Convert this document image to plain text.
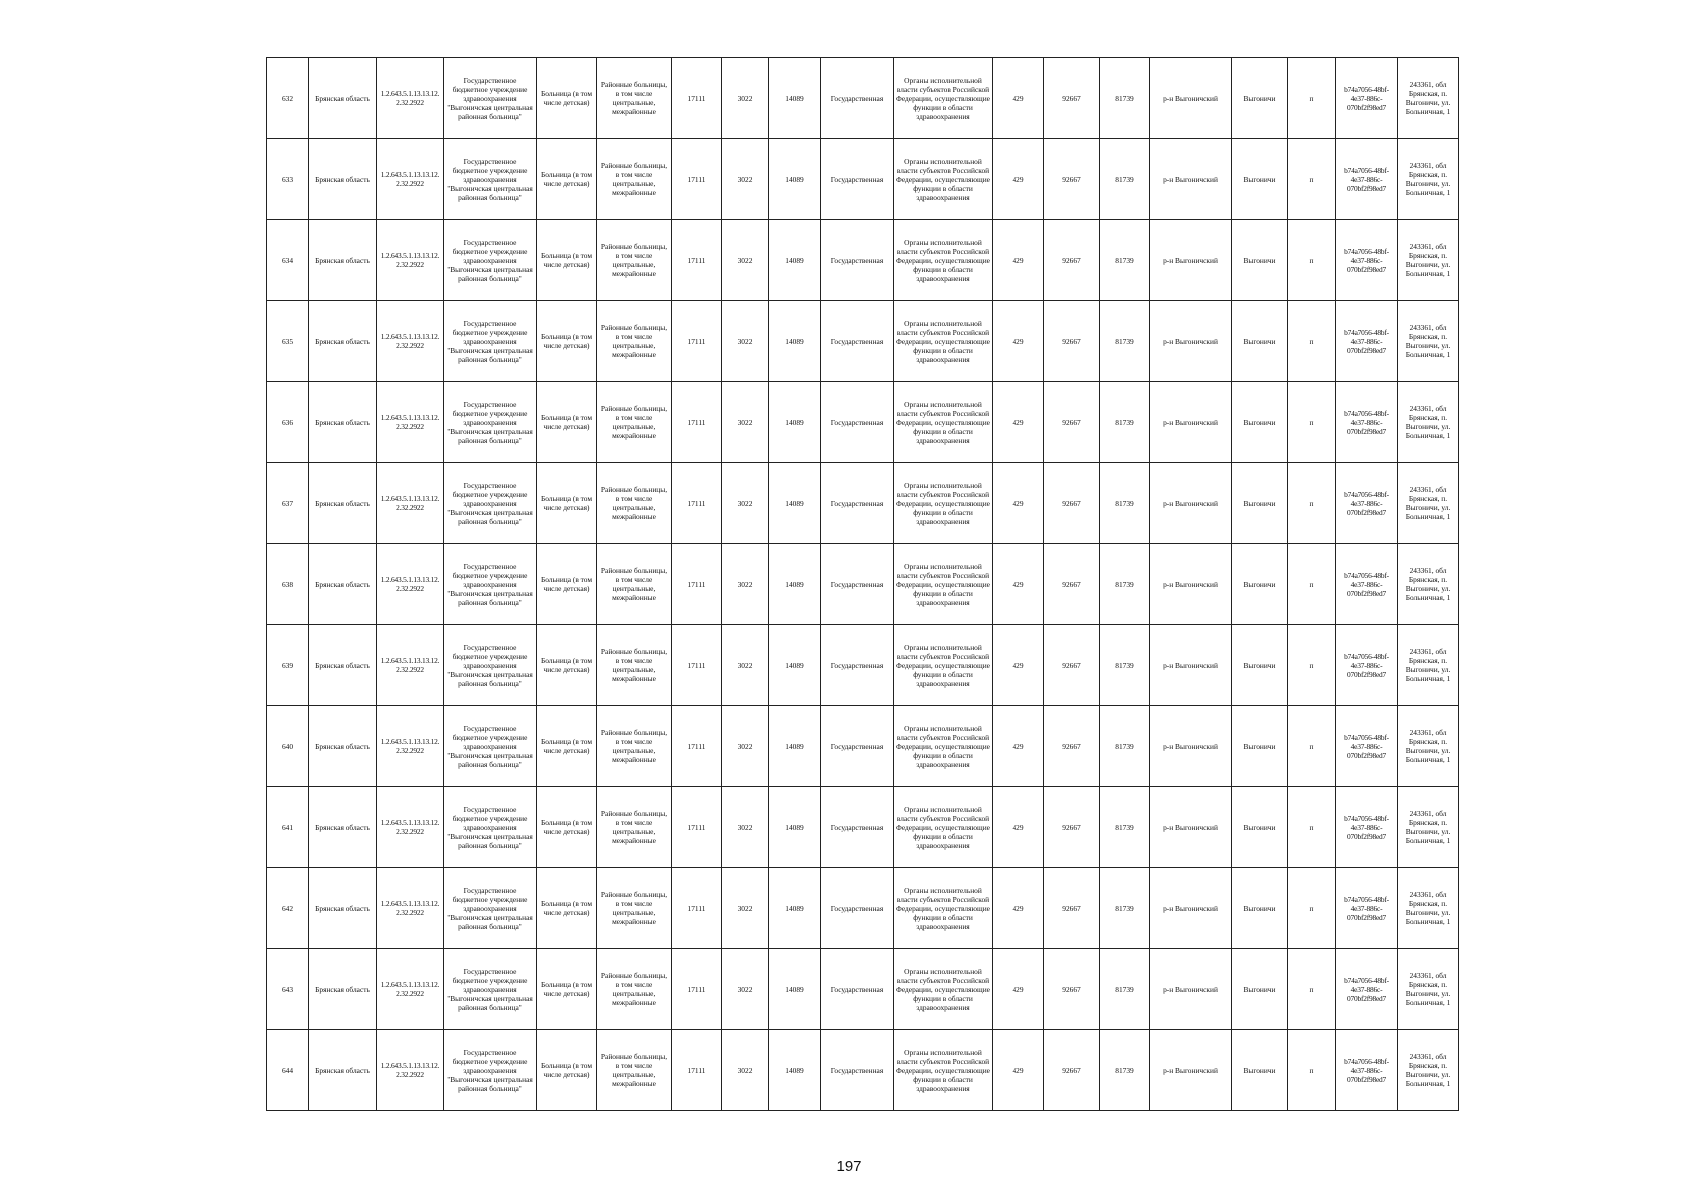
632	Брянская область	1.2.643.5.1.13.13.12.2.32.2922	Государственное бюджетное учреждение здравоохранения "Выгоничская центральная районная больница"	Больница (в том числе детская)	Районные больницы, в том числе центральные, межрайонные	17111	3022	14089	Государственная	Органы исполнительной власти субъектов Российской Федерации, осуществляющие функции в области здравоохранения	429	92667	81739	р-н Выгоничский	Выгоничи	п	b74a7056-48bf-4e37-886c-070bf2f98ed7	243361, обл Брянская, п. Выгоничи, ул. Больничная, 1
633	Брянская область	1.2.643.5.1.13.13.12.2.32.2922	Государственное бюджетное учреждение здравоохранения "Выгоничская центральная районная больница"	Больница (в том числе детская)	Районные больницы, в том числе центральные, межрайонные	17111	3022	14089	Государственная	Органы исполнительной власти субъектов Российской Федерации, осуществляющие функции в области здравоохранения	429	92667	81739	р-н Выгоничский	Выгоничи	п	b74a7056-48bf-4e37-886c-070bf2f98ed7	243361, обл Брянская, п. Выгоничи, ул. Больничная, 1
634	Брянская область	1.2.643.5.1.13.13.12.2.32.2922	Государственное бюджетное учреждение здравоохранения "Выгоничская центральная районная больница"	Больница (в том числе детская)	Районные больницы, в том числе центральные, межрайонные	17111	3022	14089	Государственная	Органы исполнительной власти субъектов Российской Федерации, осуществляющие функции в области здравоохранения	429	92667	81739	р-н Выгоничский	Выгоничи	п	b74a7056-48bf-4e37-886c-070bf2f98ed7	243361, обл Брянская, п. Выгоничи, ул. Больничная, 1
635	Брянская область	1.2.643.5.1.13.13.12.2.32.2922	Государственное бюджетное учреждение здравоохранения "Выгоничская центральная районная больница"	Больница (в том числе детская)	Районные больницы, в том числе центральные, межрайонные	17111	3022	14089	Государственная	Органы исполнительной власти субъектов Российской Федерации, осуществляющие функции в области здравоохранения	429	92667	81739	р-н Выгоничский	Выгоничи	п	b74a7056-48bf-4e37-886c-070bf2f98ed7	243361, обл Брянская, п. Выгоничи, ул. Больничная, 1
636	Брянская область	1.2.643.5.1.13.13.12.2.32.2922	Государственное бюджетное учреждение здравоохранения "Выгоничская центральная районная больница"	Больница (в том числе детская)	Районные больницы, в том числе центральные, межрайонные	17111	3022	14089	Государственная	Органы исполнительной власти субъектов Российской Федерации, осуществляющие функции в области здравоохранения	429	92667	81739	р-н Выгоничский	Выгоничи	п	b74a7056-48bf-4e37-886c-070bf2f98ed7	243361, обл Брянская, п. Выгоничи, ул. Больничная, 1
637	Брянская область	1.2.643.5.1.13.13.12.2.32.2922	Государственное бюджетное учреждение здравоохранения "Выгоничская центральная районная больница"	Больница (в том числе детская)	Районные больницы, в том числе центральные, межрайонные	17111	3022	14089	Государственная	Органы исполнительной власти субъектов Российской Федерации, осуществляющие функции в области здравоохранения	429	92667	81739	р-н Выгоничский	Выгоничи	п	b74a7056-48bf-4e37-886c-070bf2f98ed7	243361, обл Брянская, п. Выгоничи, ул. Больничная, 1
638	Брянская область	1.2.643.5.1.13.13.12.2.32.2922	Государственное бюджетное учреждение здравоохранения "Выгоничская центральная районная больница"	Больница (в том числе детская)	Районные больницы, в том числе центральные, межрайонные	17111	3022	14089	Государственная	Органы исполнительной власти субъектов Российской Федерации, осуществляющие функции в области здравоохранения	429	92667	81739	р-н Выгоничский	Выгоничи	п	b74a7056-48bf-4e37-886c-070bf2f98ed7	243361, обл Брянская, п. Выгоничи, ул. Больничная, 1
639	Брянская область	1.2.643.5.1.13.13.12.2.32.2922	Государственное бюджетное учреждение здравоохранения "Выгоничская центральная районная больница"	Больница (в том числе детская)	Районные больницы, в том числе центральные, межрайонные	17111	3022	14089	Государственная	Органы исполнительной власти субъектов Российской Федерации, осуществляющие функции в области здравоохранения	429	92667	81739	р-н Выгоничский	Выгоничи	п	b74a7056-48bf-4e37-886c-070bf2f98ed7	243361, обл Брянская, п. Выгоничи, ул. Больничная, 1
640	Брянская область	1.2.643.5.1.13.13.12.2.32.2922	Государственное бюджетное учреждение здравоохранения "Выгоничская центральная районная больница"	Больница (в том числе детская)	Районные больницы, в том числе центральные, межрайонные	17111	3022	14089	Государственная	Органы исполнительной власти субъектов Российской Федерации, осуществляющие функции в области здравоохранения	429	92667	81739	р-н Выгоничский	Выгоничи	п	b74a7056-48bf-4e37-886c-070bf2f98ed7	243361, обл Брянская, п. Выгоничи, ул. Больничная, 1
641	Брянская область	1.2.643.5.1.13.13.12.2.32.2922	Государственное бюджетное учреждение здравоохранения "Выгоничская центральная районная больница"	Больница (в том числе детская)	Районные больницы, в том числе центральные, межрайонные	17111	3022	14089	Государственная	Органы исполнительной власти субъектов Российской Федерации, осуществляющие функции в области здравоохранения	429	92667	81739	р-н Выгоничский	Выгоничи	п	b74a7056-48bf-4e37-886c-070bf2f98ed7	243361, обл Брянская, п. Выгоничи, ул. Больничная, 1
642	Брянская область	1.2.643.5.1.13.13.12.2.32.2922	Государственное бюджетное учреждение здравоохранения "Выгоничская центральная районная больница"	Больница (в том числе детская)	Районные больницы, в том числе центральные, межрайонные	17111	3022	14089	Государственная	Органы исполнительной власти субъектов Российской Федерации, осуществляющие функции в области здравоохранения	429	92667	81739	р-н Выгоничский	Выгоничи	п	b74a7056-48bf-4e37-886c-070bf2f98ed7	243361, обл Брянская, п. Выгоничи, ул. Больничная, 1
643	Брянская область	1.2.643.5.1.13.13.12.2.32.2922	Государственное бюджетное учреждение здравоохранения "Выгоничская центральная районная больница"	Больница (в том числе детская)	Районные больницы, в том числе центральные, межрайонные	17111	3022	14089	Государственная	Органы исполнительной власти субъектов Российской Федерации, осуществляющие функции в области здравоохранения	429	92667	81739	р-н Выгоничский	Выгоничи	п	b74a7056-48bf-4e37-886c-070bf2f98ed7	243361, обл Брянская, п. Выгоничи, ул. Больничная, 1
644	Брянская область	1.2.643.5.1.13.13.12.2.32.2922	Государственное бюджетное учреждение здравоохранения "Выгоничская центральная районная больница"	Больница (в том числе детская)	Районные больницы, в том числе центральные, межрайонные	17111	3022	14089	Государственная	Органы исполнительной власти субъектов Российской Федерации, осуществляющие функции в области здравоохранения	429	92667	81739	р-н Выгоничский	Выгоничи	п	b74a7056-48bf-4e37-886c-070bf2f98ed7	243361, обл Брянская, п. Выгоничи, ул. Больничная, 1
197
